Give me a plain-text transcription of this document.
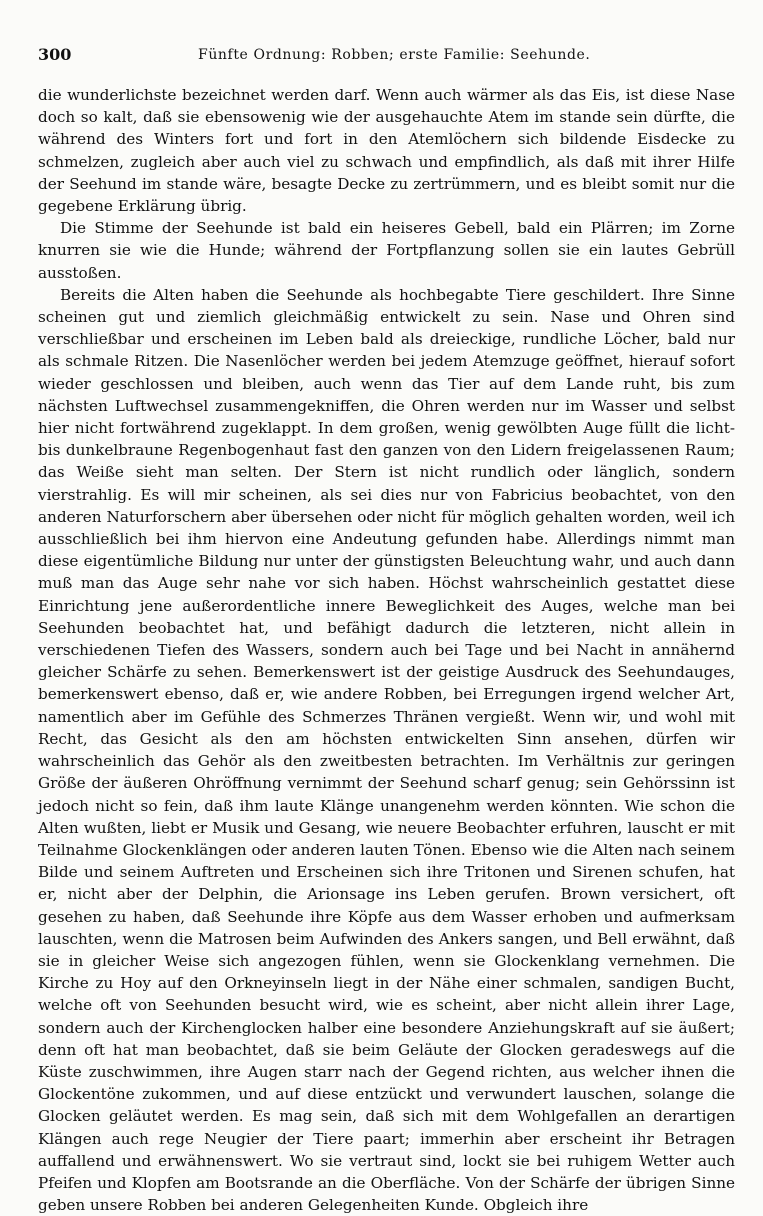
300	Fünfte Ordnung: Robben; erste Familie: Seehunde.

die wunderlichste bezeichnet werden darf. Wenn auch wärmer als das Eis, ist diese Nase doch so kalt, daß sie ebensowenig wie der ausgehauchte Atem im stande sein dürfte, die während des Winters fort und fort in den Atemlöchern sich bildende Eisdecke zu schmelzen, zugleich aber auch viel zu schwach und empfindlich, als daß mit ihrer Hilfe der Seehund im stande wäre, besagte Decke zu zertrümmern, und es bleibt somit nur die gegebene Erklärung übrig.

Die Stimme der Seehunde ist bald ein heiseres Gebell, bald ein Plärren; im Zorne knurren sie wie die Hunde; während der Fortpflanzung sollen sie ein lautes Gebrüll ausstoßen.

Bereits die Alten haben die Seehunde als hochbegabte Tiere geschildert. Ihre Sinne scheinen gut und ziemlich gleichmäßig entwickelt zu sein. Nase und Ohren sind verschließbar und erscheinen im Leben bald als dreieckige, rundliche Löcher, bald nur als schmale Ritzen. Die Nasenlöcher werden bei jedem Atemzuge geöffnet, hierauf sofort wieder geschlossen und bleiben, auch wenn das Tier auf dem Lande ruht, bis zum nächsten Luftwechsel zusammengekniffen, die Ohren werden nur im Wasser und selbst hier nicht fortwährend zugeklappt. In dem großen, wenig gewölbten Auge füllt die licht- bis dunkelbraune Regenbogenhaut fast den ganzen von den Lidern freigelassenen Raum; das Weiße sieht man selten. Der Stern ist nicht rundlich oder länglich, sondern vierstrahlig. Es will mir scheinen, als sei dies nur von Fabricius beobachtet, von den anderen Naturforschern aber übersehen oder nicht für möglich gehalten worden, weil ich ausschließlich bei ihm hiervon eine Andeutung gefunden habe. Allerdings nimmt man diese eigentümliche Bildung nur unter der günstigsten Beleuchtung wahr, und auch dann muß man das Auge sehr nahe vor sich haben. Höchst wahrscheinlich gestattet diese Einrichtung jene außerordentliche innere Beweglichkeit des Auges, welche man bei Seehunden beobachtet hat, und befähigt dadurch die letzteren, nicht allein in verschiedenen Tiefen des Wassers, sondern auch bei Tage und bei Nacht in annähernd gleicher Schärfe zu sehen. Bemerkenswert ist der geistige Ausdruck des Seehundauges, bemerkenswert ebenso, daß er, wie andere Robben, bei Erregungen irgend welcher Art, namentlich aber im Gefühle des Schmerzes Thränen vergießt. Wenn wir, und wohl mit Recht, das Gesicht als den am höchsten entwickelten Sinn ansehen, dürfen wir wahrscheinlich das Gehör als den zweitbesten betrachten. Im Verhältnis zur geringen Größe der äußeren Ohröffnung vernimmt der Seehund scharf genug; sein Gehörssinn ist jedoch nicht so fein, daß ihm laute Klänge unangenehm werden könnten. Wie schon die Alten wußten, liebt er Musik und Gesang, wie neuere Beobachter erfuhren, lauscht er mit Teilnahme Glockenklängen oder anderen lauten Tönen. Ebenso wie die Alten nach seinem Bilde und seinem Auftreten und Erscheinen sich ihre Tritonen und Sirenen schufen, hat er, nicht aber der Delphin, die Arionsage ins Leben gerufen. Brown versichert, oft gesehen zu haben, daß Seehunde ihre Köpfe aus dem Wasser erhoben und aufmerksam lauschten, wenn die Matrosen beim Aufwinden des Ankers sangen, und Bell erwähnt, daß sie in gleicher Weise sich angezogen fühlen, wenn sie Glockenklang vernehmen. Die Kirche zu Hoy auf den Orkneyinseln liegt in der Nähe einer schmalen, sandigen Bucht, welche oft von Seehunden besucht wird, wie es scheint, aber nicht allein ihrer Lage, sondern auch der Kirchenglocken halber eine besondere Anziehungskraft auf sie äußert; denn oft hat man beobachtet, daß sie beim Geläute der Glocken geradeswegs auf die Küste zuschwimmen, ihre Augen starr nach der Gegend richten, aus welcher ihnen die Glockentöne zukommen, und auf diese entzückt und verwundert lauschen, solange die Glocken geläutet werden. Es mag sein, daß sich mit dem Wohlgefallen an derartigen Klängen auch rege Neugier der Tiere paart; immerhin aber erscheint ihr Betragen auffallend und erwähnenswert. Wo sie vertraut sind, lockt sie bei ruhigem Wetter auch Pfeifen und Klopfen am Bootsrande an die Oberfläche. Von der Schärfe der übrigen Sinne geben unsere Robben bei anderen Gelegenheiten Kunde. Obgleich ihre
